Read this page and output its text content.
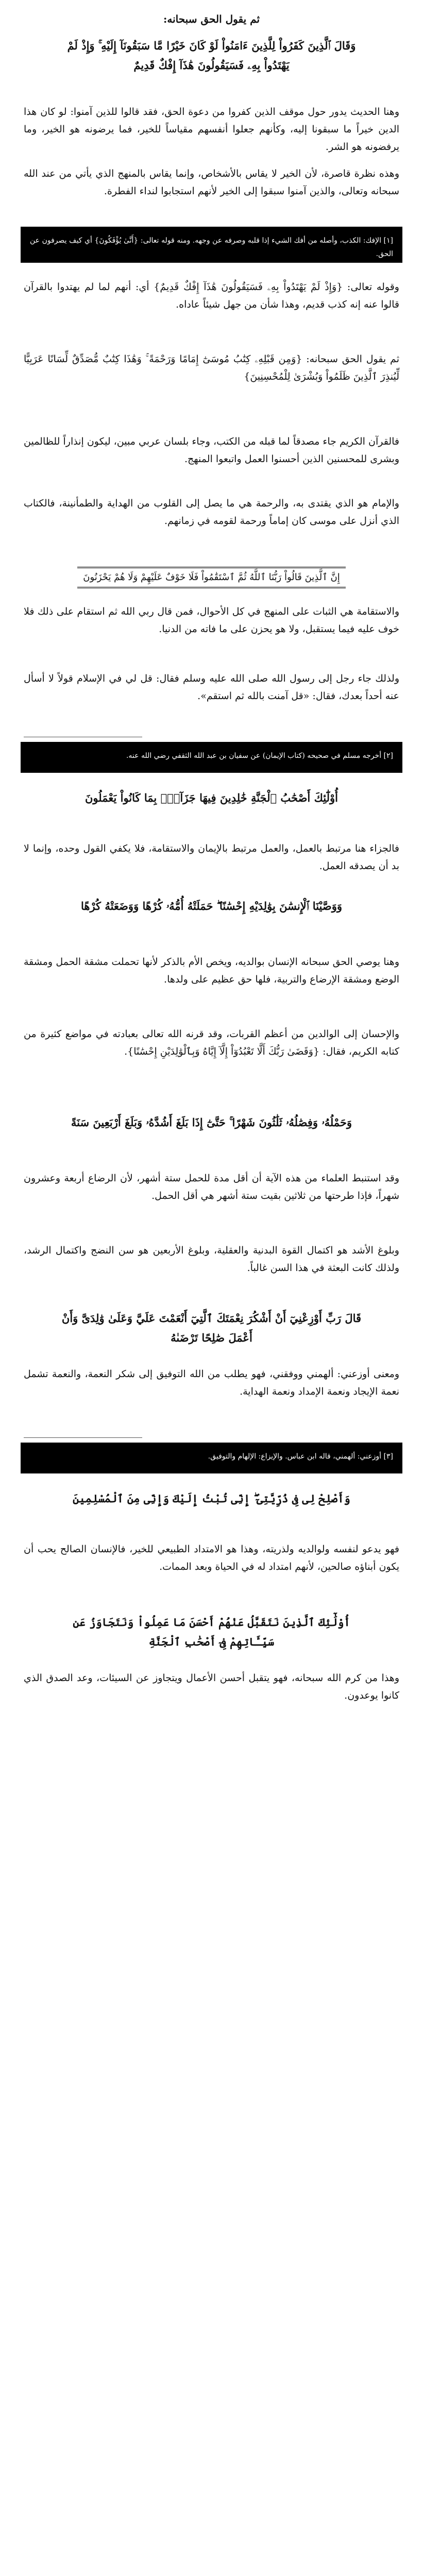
ثم يقول الحق سبحانه:

وَقَالَ ٱلَّذِينَ كَفَرُواْ لِلَّذِينَ ءَامَنُواْ لَوْ كَانَ خَيْرًا مَّا سَبَقُونَآ إِلَيْهِ ۚ وَإِذْ لَمْ يَهْتَدُواْ بِهِۦ فَسَيَقُولُونَ هَٰذَآ إِفْكٌ قَدِيمٌ

وهنا الحديث يدور حول موقف الذين كفروا من دعوة الحق، فقد قالوا للذين آمنوا: لو كان هذا الدين خيراً ما سبقونا إليه، وكأنهم جعلوا أنفسهم مقياساً للخير، فما يرضونه هو الخير، وما يرفضونه هو الشر.

وهذه نظرة قاصرة، لأن الخير لا يقاس بالأشخاص، وإنما يقاس بالمنهج الذي يأتي من عند الله سبحانه وتعالى، والذين آمنوا سبقوا إلى الخير لأنهم استجابوا لنداء الفطرة.

[١] الإفك: الكذب، وأصله من أفك الشيء إذا قلبه وصرفه عن وجهه. ومنه قوله تعالى: {أَنَّىٰ يُؤْفَكُونَ} أي كيف يصرفون عن الحق.

وقوله تعالى: {وَإِذْ لَمْ يَهْتَدُواْ بِهِۦ فَسَيَقُولُونَ هَٰذَآ إِفْكٌ قَدِيمٌ} أي: أنهم لما لم يهتدوا بالقرآن قالوا عنه إنه كذب قديم، وهذا شأن من جهل شيئاً عاداه.

ثم يقول الحق سبحانه: {وَمِن قَبْلِهِۦ كِتَٰبُ مُوسَىٰٓ إِمَامًا وَرَحْمَةً ۚ وَهَٰذَا كِتَٰبٌ مُّصَدِّقٌ لِّسَانًا عَرَبِيًّا لِّيُنذِرَ ٱلَّذِينَ ظَلَمُواْ وَبُشْرَىٰ لِلْمُحْسِنِينَ}

فالقرآن الكريم جاء مصدقاً لما قبله من الكتب، وجاء بلسان عربي مبين، ليكون إنذاراً للظالمين وبشرى للمحسنين الذين أحسنوا العمل واتبعوا المنهج.

والإمام هو الذي يقتدى به، والرحمة هي ما يصل إلى القلوب من الهداية والطمأنينة، فالكتاب الذي أنزل على موسى كان إماماً ورحمة لقومه في زمانهم.

إِنَّ ٱلَّذِينَ قَالُواْ رَبُّنَا ٱللَّهُ ثُمَّ ٱسْتَقَٰمُواْ فَلَا خَوْفٌ عَلَيْهِمْ وَلَا هُمْ يَحْزَنُونَ

والاستقامة هي الثبات على المنهج في كل الأحوال، فمن قال ربي الله ثم استقام على ذلك فلا خوف عليه فيما يستقبل، ولا هو يحزن على ما فاته من الدنيا.

ولذلك جاء رجل إلى رسول الله صلى الله عليه وسلم فقال: قل لي في الإسلام قولاً لا أسأل عنه أحداً بعدك، فقال: «قل آمنت بالله ثم استقم».

[٢] أخرجه مسلم في صحيحه (كتاب الإيمان) عن سفيان بن عبد الله الثقفي رضي الله عنه.

أُوْلَٰٓئِكَ أَصْحَٰبُ ٱلْجَنَّةِ خَٰلِدِينَ فِيهَا جَزَآءًۢ بِمَا كَانُواْ يَعْمَلُونَ

فالجزاء هنا مرتبط بالعمل، والعمل مرتبط بالإيمان والاستقامة، فلا يكفي القول وحده، وإنما لا بد أن يصدقه العمل.

وَوَصَّيْنَا ٱلْإِنسَٰنَ بِوَٰلِدَيْهِ إِحْسَٰنًا ۖ حَمَلَتْهُ أُمُّهُۥ كُرْهًا وَوَضَعَتْهُ كُرْهًا

وهنا يوصي الحق سبحانه الإنسان بوالديه، ويخص الأم بالذكر لأنها تحملت مشقة الحمل ومشقة الوضع ومشقة الإرضاع والتربية، فلها حق عظيم على ولدها.

والإحسان إلى الوالدين من أعظم القربات، وقد قرنه الله تعالى بعبادته في مواضع كثيرة من كتابه الكريم، فقال: {وَقَضَىٰ رَبُّكَ أَلَّا تَعْبُدُوٓاْ إِلَّآ إِيَّاهُ وَبِٱلْوَٰلِدَيْنِ إِحْسَٰنًا}.

وَحَمْلُهُۥ وَفِصَٰلُهُۥ ثَلَٰثُونَ شَهْرًا ۚ حَتَّىٰٓ إِذَا بَلَغَ أَشُدَّهُۥ وَبَلَغَ أَرْبَعِينَ سَنَةً

وقد استنبط العلماء من هذه الآية أن أقل مدة للحمل ستة أشهر، لأن الرضاع أربعة وعشرون شهراً، فإذا طرحتها من ثلاثين بقيت ستة أشهر هي أقل الحمل.

وبلوغ الأشد هو اكتمال القوة البدنية والعقلية، وبلوغ الأربعين هو سن النضج واكتمال الرشد، ولذلك كانت البعثة في هذا السن غالباً.

قَالَ رَبِّ أَوْزِعْنِيٓ أَنْ أَشْكُرَ نِعْمَتَكَ ٱلَّتِيٓ أَنْعَمْتَ عَلَيَّ وَعَلَىٰ وَٰلِدَىَّ وَأَنْ أَعْمَلَ صَٰلِحًا تَرْضَىٰهُ

ومعنى أوزعني: ألهمني ووفقني، فهو يطلب من الله التوفيق إلى شكر النعمة، والنعمة تشمل نعمة الإيجاد ونعمة الإمداد ونعمة الهداية.

[٣] أوزعني: ألهمني، قاله ابن عباس. والإيزاع: الإلهام والتوفيق.

وَأَصْلِحْ لِى فِى ذُرِّيَّتِىٓ ۖ إِنِّى تُبْتُ إِلَيْكَ وَإِنِّى مِنَ ٱلْمُسْلِمِينَ

فهو يدعو لنفسه ولوالديه ولذريته، وهذا هو الامتداد الطبيعي للخير، فالإنسان الصالح يحب أن يكون أبناؤه صالحين، لأنهم امتداد له في الحياة وبعد الممات.

أُوْلَٰٓئِكَ ٱلَّذِينَ نَتَقَبَّلُ عَنْهُمْ أَحْسَنَ مَا عَمِلُواْ وَنَتَجَاوَزُ عَن سَيِّـَٔاتِهِمْ فِىٓ أَصْحَٰبِ ٱلْجَنَّةِ

وهذا من كرم الله سبحانه، فهو يتقبل أحسن الأعمال ويتجاوز عن السيئات، وعد الصدق الذي كانوا يوعدون.
